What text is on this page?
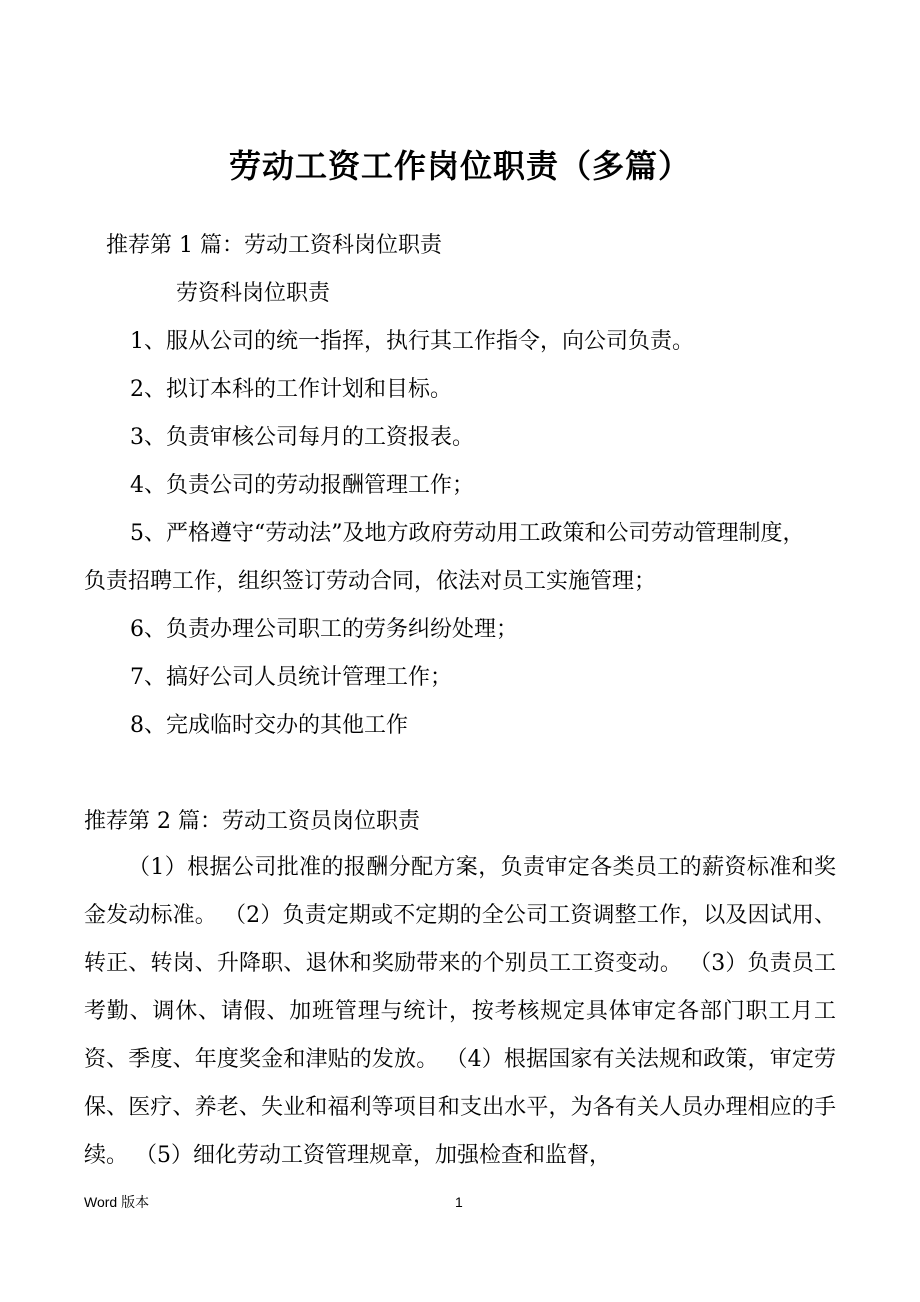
劳动工资工作岗位职责（多篇）
推荐第 1 篇：劳动工资科岗位职责
劳资科岗位职责
1、服从公司的统一指挥，执行其工作指令，向公司负责。
2、拟订本科的工作计划和目标。
3、负责审核公司每月的工资报表。
4、负责公司的劳动报酬管理工作；
5、严格遵守“劳动法”及地方政府劳动用工政策和公司劳动管理制度，
负责招聘工作，组织签订劳动合同，依法对员工实施管理；
6、负责办理公司职工的劳务纠纷处理；
7、搞好公司人员统计管理工作；
8、完成临时交办的其他工作
推荐第 2 篇：劳动工资员岗位职责

（1）根据公司批准的报酬分配方案，负责审定各类员工的薪资标准和奖金发动标准。 （2）负责定期或不定期的全公司工资调整工作，以及因试用、转正、转岗、升降职、退休和奖励带来的个别员工工资变动。 （3）负责员工考勤、调休、请假、加班管理与统计，按考核规定具体审定各部门职工月工资、季度、年度奖金和津贴的发放。 （4）根据国家有关法规和政策，审定劳保、医疗、养老、失业和福利等项目和支出水平，为各有关人员办理相应的手续。 （5）细化劳动工资管理规章，加强检查和监督，

Word 版本	1
